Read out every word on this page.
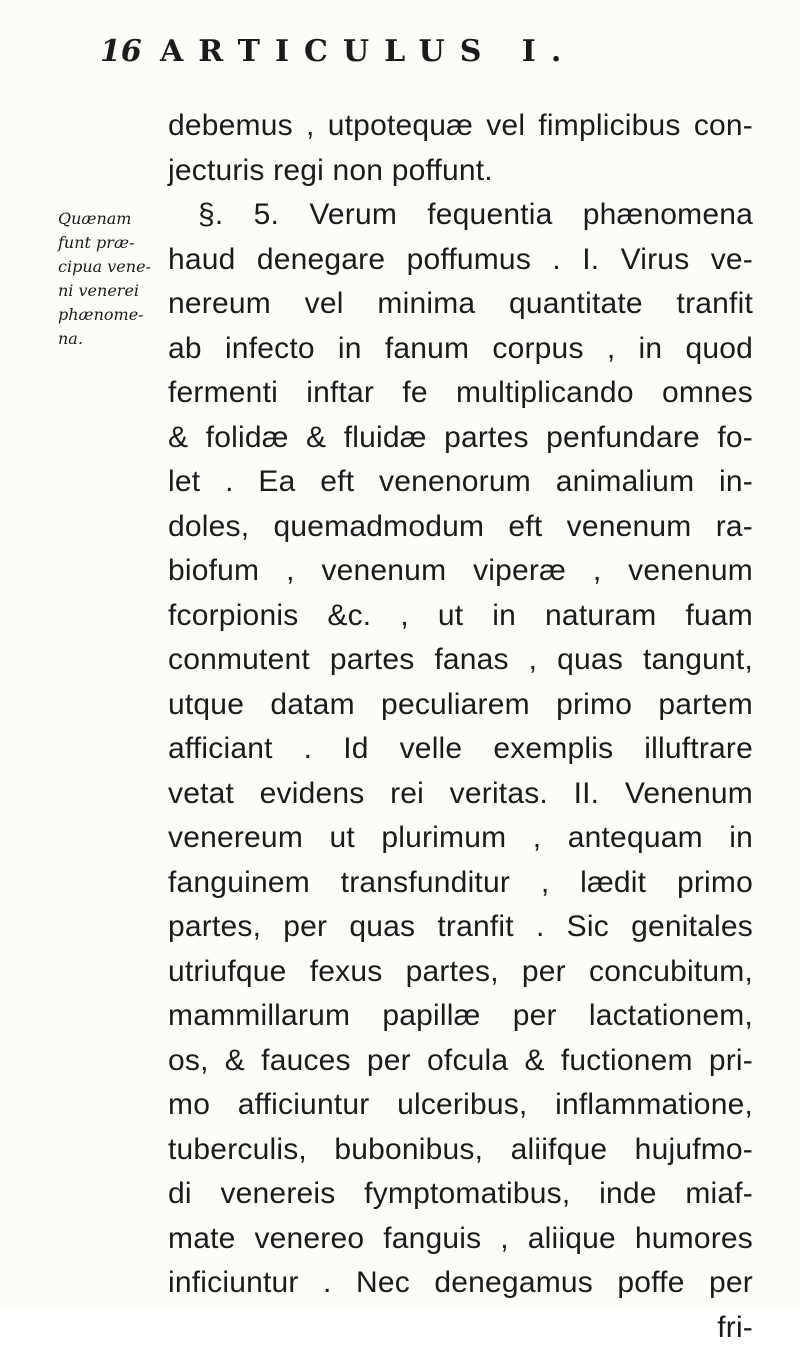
16 ARTICULUS I.
Quænam
funt præ-
cipua vene-
ni venerei
phænome-
na.
debemus , utpotequæ vel fimplicibus con-
jecturis regi non poffunt.
§. 5. Verum fequentia phænomena
haud denegare poffumus . I. Virus ve-
nereum vel minima quantitate tranfit
ab infecto in fanum corpus , in quod
fermenti inftar fe multiplicando omnes
& folidæ & fluidæ partes penfundare fo-
let . Ea eft venenorum animalium in-
doles, quemadmodum eft venenum ra-
biofum , venenum viperæ , venenum
fcorpionis &c. , ut in naturam fuam
conmutent partes fanas , quas tangunt,
utque datam peculiarem primo partem
afficiant . Id velle exemplis illuftrare
vetat evidens rei veritas. II. Venenum
venereum ut plurimum , antequam in
fanguinem transfunditur , lædit primo
partes, per quas tranfit . Sic genitales
utriufque fexus partes, per concubitum,
mammillarum papillæ per lactationem,
os, & fauces per ofcula & fuctionem pri-
mo afficiuntur ulceribus, inflammatione,
tuberculis, bubonibus, aliifque hujufmo-
di venereis fymptomatibus, inde miaf-
mate venereo fanguis , aliique humores
inficiuntur . Nec denegamus poffe per
fri-
